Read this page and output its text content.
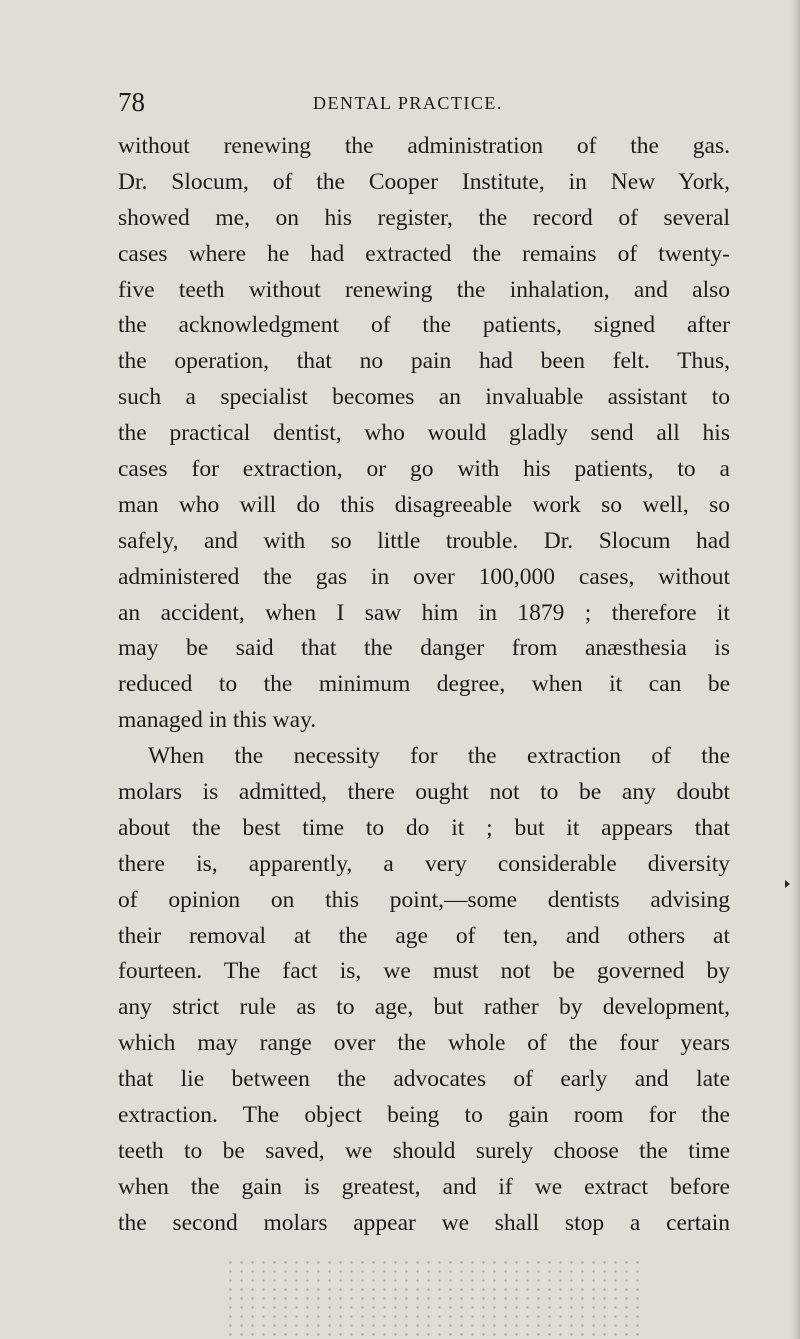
78	DENTAL PRACTICE.
without renewing the administration of the gas.
Dr. Slocum, of the Cooper Institute, in New York,
showed me, on his register, the record of several
cases where he had extracted the remains of twenty-
five teeth without renewing the inhalation, and also
the acknowledgment of the patients, signed after
the operation, that no pain had been felt. Thus,
such a specialist becomes an invaluable assistant to
the practical dentist, who would gladly send all his
cases for extraction, or go with his patients, to a
man who will do this disagreeable work so well, so
safely, and with so little trouble. Dr. Slocum had
administered the gas in over 100,000 cases, without
an accident, when I saw him in 1879 ; therefore it
may be said that the danger from anæsthesia is
reduced to the minimum degree, when it can be
managed in this way.
When the necessity for the extraction of the
molars is admitted, there ought not to be any doubt
about the best time to do it ; but it appears that
there is, apparently, a very considerable diversity
of opinion on this point,—some dentists advising
their removal at the age of ten, and others at
fourteen. The fact is, we must not be governed by
any strict rule as to age, but rather by development,
which may range over the whole of the four years
that lie between the advocates of early and late
extraction. The object being to gain room for the
teeth to be saved, we should surely choose the time
when the gain is greatest, and if we extract before
the second molars appear we shall stop a certain
